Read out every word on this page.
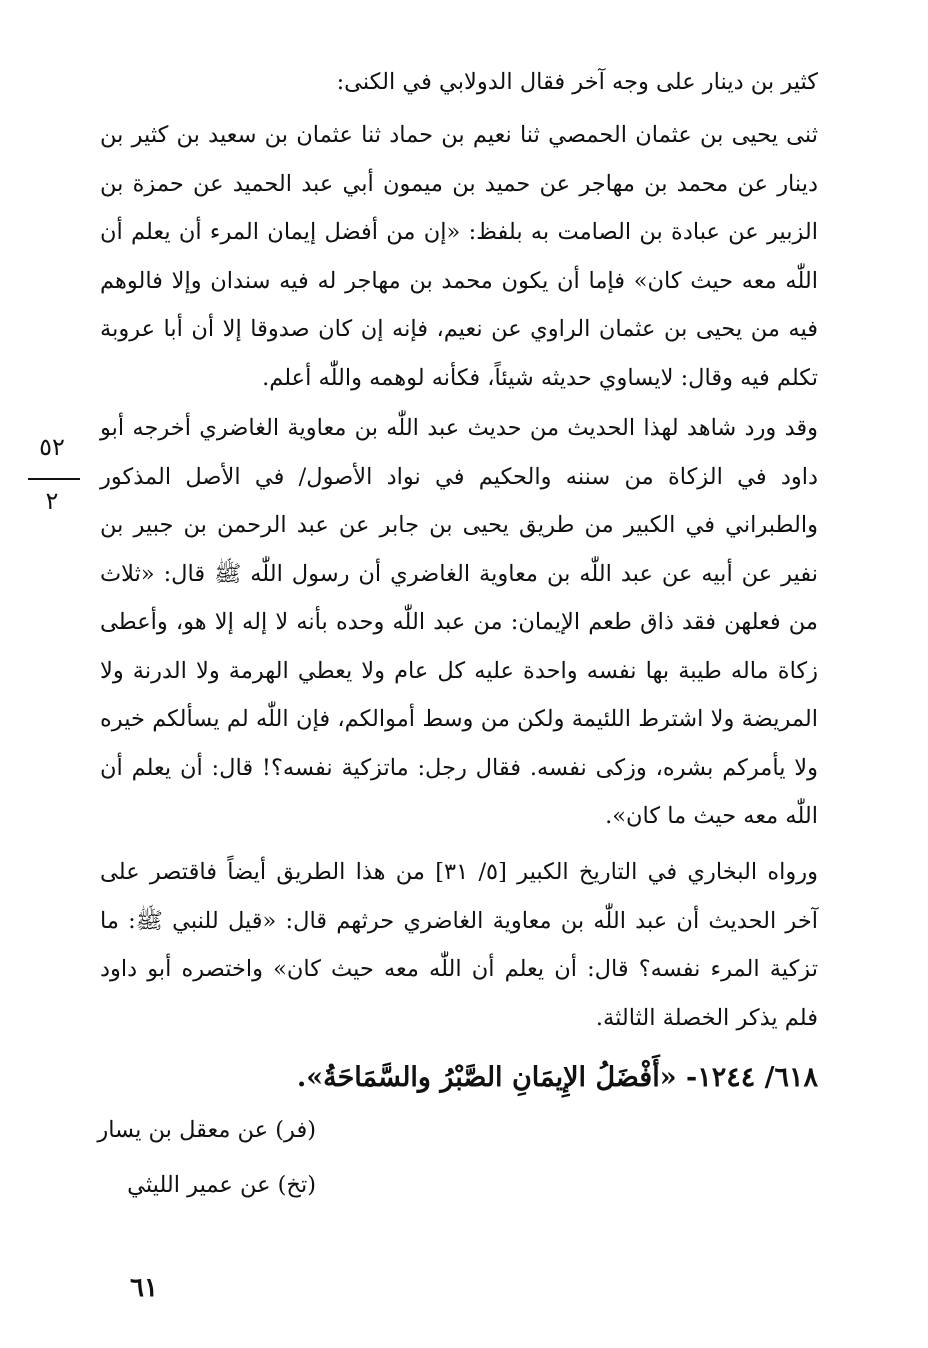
كثير بن دينار على وجه آخر فقال الدولابي في الكنى:
ثنى يحيى بن عثمان الحمصي ثنا نعيم بن حماد ثنا عثمان بن سعيد بن كثير بن دينار عن محمد بن مهاجر عن حميد بن ميمون أبي عبد الحميد عن حمزة بن الزبير عن عبادة بن الصامت به بلفظ: «إن من أفضل إيمان المرء أن يعلم أن اللّٰه معه حيث كان» فإما أن يكون محمد بن مهاجر له فيه سندان وإلا فالوهم فيه من يحيى بن عثمان الراوي عن نعيم، فإنه إن كان صدوقا إلا أن أبا عروبة تكلم فيه وقال: لايساوي حديثه شيئاً، فكأنه لوهمه واللّٰه أعلم.
٥٢
٢
وقد ورد شاهد لهذا الحديث من حديث عبد اللّٰه بن معاوية الغاضري أخرجه أبو داود في الزكاة من سننه والحكيم في نواد الأصول/ في الأصل المذكور والطبراني في الكبير من طريق يحيى بن جابر عن عبد الرحمن بن جبير بن نفير عن أبيه عن عبد اللّٰه بن معاوية الغاضري أن رسول اللّٰه ﷺ قال: «ثلاث من فعلهن فقد ذاق طعم الإيمان: من عبد اللّٰه وحده بأنه لا إله إلا هو، وأعطى زكاة ماله طيبة بها نفسه واحدة عليه كل عام ولا يعطي الهرمة ولا الدرنة ولا المريضة ولا اشترط اللئيمة ولكن من وسط أموالكم، فإن اللّٰه لم يسألكم خيره ولا يأمركم بشره، وزكى نفسه. فقال رجل: ماتزكية نفسه؟! قال: أن يعلم أن اللّٰه معه حيث ما كان».
ورواه البخاري في التاريخ الكبير [٥/ ٣١] من هذا الطريق أيضاً فاقتصر على آخر الحديث أن عبد اللّٰه بن معاوية الغاضري حرثهم قال: «قيل للنبي ﷺ: ما تزكية المرء نفسه؟ قال: أن يعلم أن اللّٰه معه حيث كان» واختصره أبو داود فلم يذكر الخصلة الثالثة.
٦١٨/ ١٢٤٤- «أَفْضَلُ الإِيمَانِ الصَّبْرُ والسَّمَاحَةُ».
(فر) عن معقل بن يسار
(تخ) عن عمير الليثي
٦١
